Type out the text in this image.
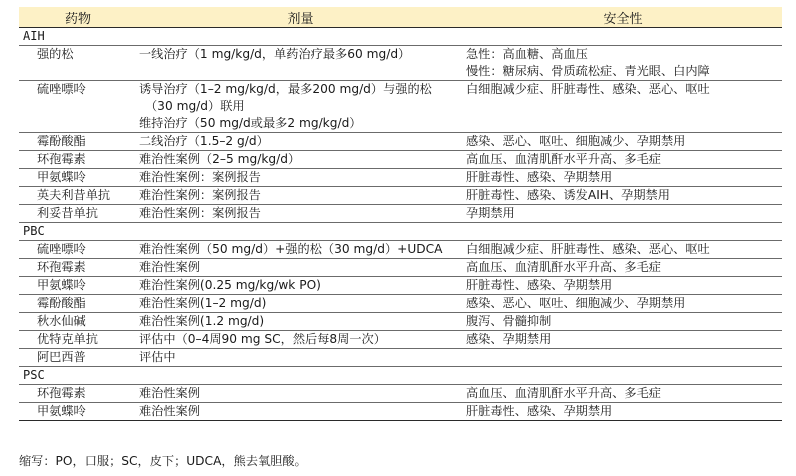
药物	剂量	安全性
AIH		
强的松	一线治疗（1 mg/kg/d，单药治疗最多60 mg/d）	急性：高血糖、高血压
慢性：糖尿病、骨质疏松症、青光眼、白内障

硫唑嘌呤	诱导治疗（1–2 mg/kg/d，最多200 mg/d）与强的松
（30 mg/d）联用
维持治疗（50 mg/d或最多2 mg/kg/d）	白细胞减少症、肝脏毒性、感染、恶心、呕吐

霉酚酸酯	二线治疗（1.5–2 g/d）	感染、恶心、呕吐、细胞减少、孕期禁用

环孢霉素	难治性案例（2–5 mg/kg/d）	高血压、血清肌酐水平升高、多毛症

甲氨蝶呤	难治性案例：案例报告	肝脏毒性、感染、孕期禁用

英夫利昔单抗	难治性案例：案例报告	肝脏毒性、感染、诱发AIH、孕期禁用

利妥昔单抗	难治性案例：案例报告	孕期禁用

PBC		
硫唑嘌呤	难治性案例（50 mg/d）+强的松（30 mg/d）+UDCA	白细胞减少症、肝脏毒性、感染、恶心、呕吐

环孢霉素	难治性案例	高血压、血清肌酐水平升高、多毛症

甲氨蝶呤	难治性案例(0.25 mg/kg/wk PO)	肝脏毒性、感染、孕期禁用

霉酚酸酯	难治性案例(1–2 mg/d)	感染、恶心、呕吐、细胞减少、孕期禁用

秋水仙碱	难治性案例(1.2 mg/d)	腹泻、骨髓抑制

优特克单抗	评估中（0–4周90 mg SC，然后每8周一次）	感染、孕期禁用

阿巴西普	评估中	

PSC		
环孢霉素	难治性案例	高血压、血清肌酐水平升高、多毛症

甲氨蝶呤	难治性案例	肝脏毒性、感染、孕期禁用
缩写：PO，口服；SC，皮下；UDCA，熊去氧胆酸。
